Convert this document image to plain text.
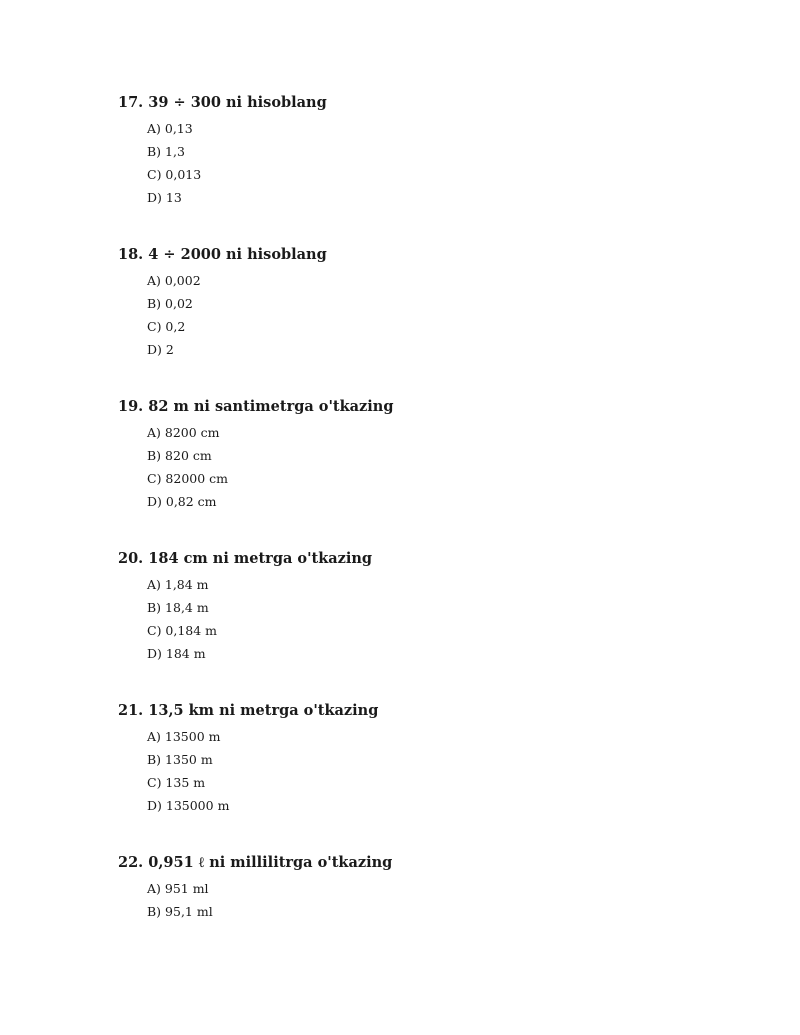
17. 39 ÷ 300 ni hisoblang
A) 0,13
B) 1,3
C) 0,013
D) 13
18. 4 ÷ 2000 ni hisoblang
A) 0,002
B) 0,02
C) 0,2
D) 2
19. 82 m ni santimetrga o'tkazing
A) 8200 cm
B) 820 cm
C) 82000 cm
D) 0,82 cm
20. 184 cm ni metrga o'tkazing
A) 1,84 m
B) 18,4 m
C) 0,184 m
D) 184 m
21. 13,5 km ni metrga o'tkazing
A) 13500 m
B) 1350 m
C) 135 m
D) 135000 m
22. 0,951 ℓ ni millilitrga o'tkazing
A) 951 ml
B) 95,1 ml
